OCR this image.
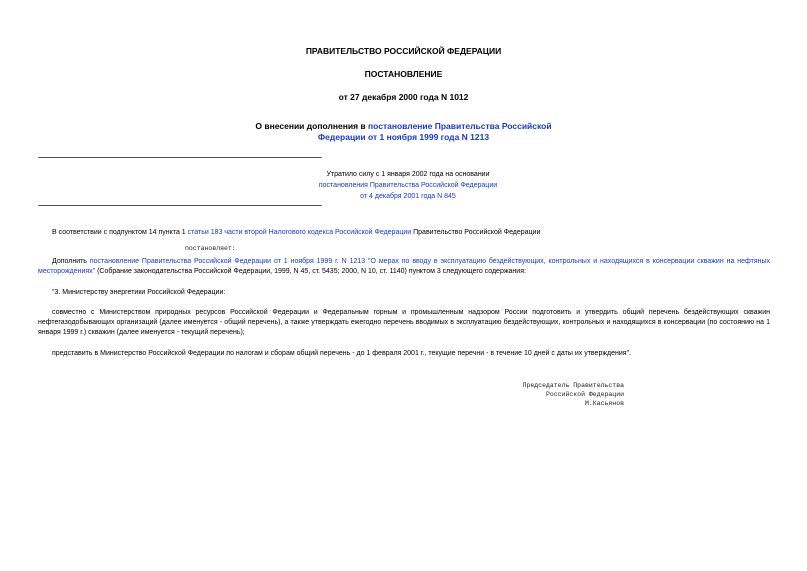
ПРАВИТЕЛЬСТВО РОССИЙСКОЙ ФЕДЕРАЦИИ
ПОСТАНОВЛЕНИЕ
от 27 декабря 2000 года N 1012
О внесении дополнения в постановление Правительства Российской
Федерации от 1 ноября 1999 года N 1213
Утратило силу с 1 января 2002 года на основании
постановления Правительства Российской Федерации
от 4 декабря 2001 года N 845
В соответствии с подпунктом 14 пункта 1 статьи 183 части второй Налогового кодекса Российской Федерации Правительство Российской Федерации
постановляет:
Дополнить постановление Правительства Российской Федерации от 1 ноября 1999 г. N 1213 "О мерах по вводу в эксплуатацию бездействующих, контрольных и находящихся в консервации скважин на нефтяных месторождениях" (Собрание законодательства Российской Федерации, 1999, N 45, ст. 5435; 2000, N 10, ст. 1140) пунктом 3 следующего содержания:
"3. Министерству энергетики Российской Федерации:
совместно с Министерством природных ресурсов Российской Федерации и Федеральным горным и промышленным надзором России подготовить и утвердить общий перечень бездействующих скважин нефтегазодобывающих организаций (далее именуется - общий перечень), а также утверждать ежегодно перечень вводимых в эксплуатацию бездействующих, контрольных и находящихся в консервации (по состоянию на 1 января 1999 г.) скважин (далее именуется - текущий перечень);
представить в Министерство Российской Федерации по налогам и сборам общий перечень - до 1 февраля 2001 г., текущие перечни - в течение 10 дней с даты их утверждения".
Председатель Правительства
Российской Федерации
М.Касьянов
